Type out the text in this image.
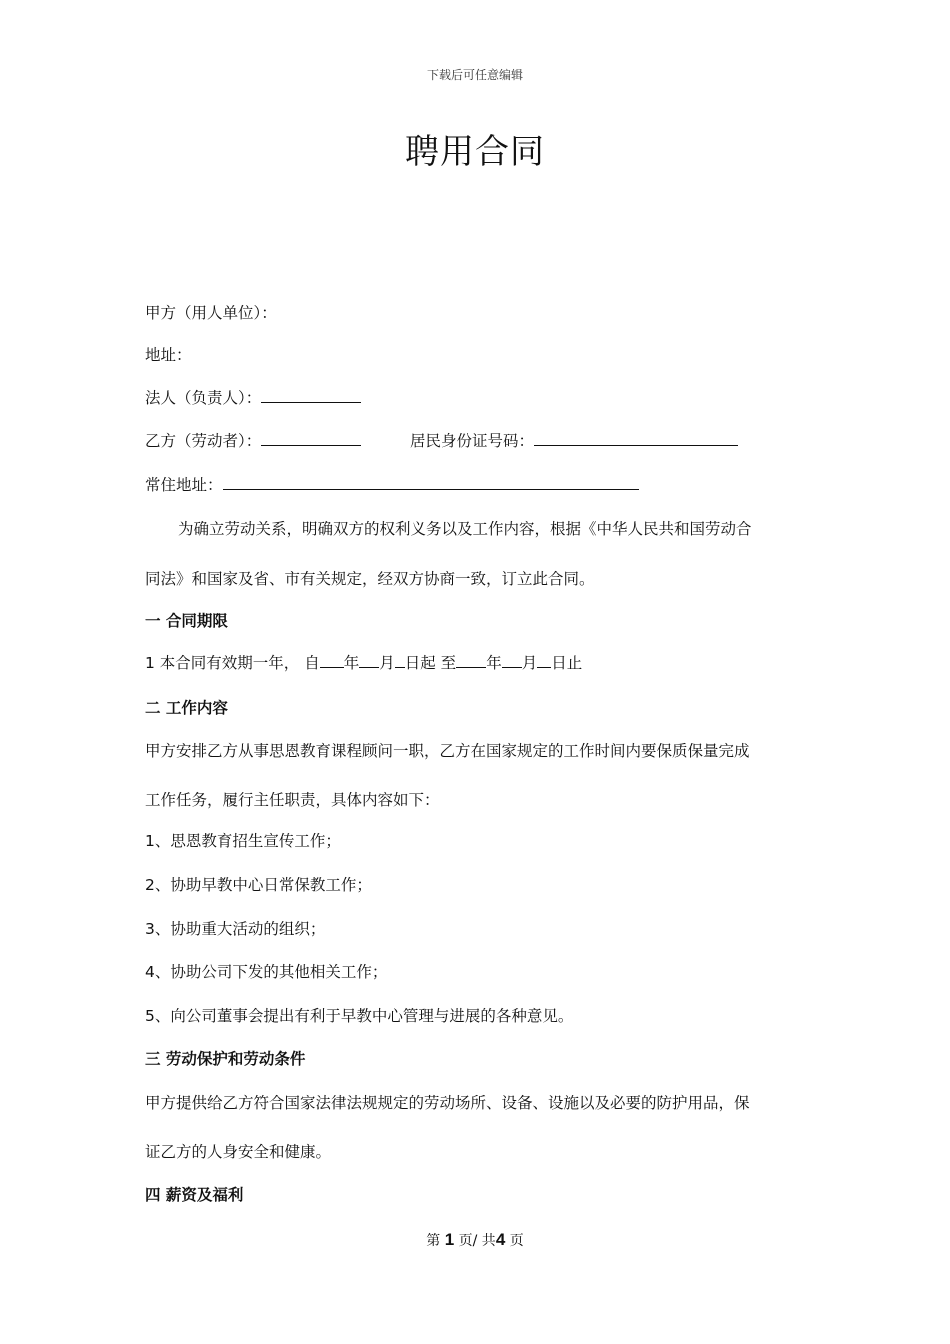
下载后可任意编辑
聘用合同
甲方（用人单位）：
地址：
法人（负责人）：
乙方（劳动者）：	居民身份证号码：
常住地址：
为确立劳动关系，明确双方的权利义务以及工作内容，根据《中华人民共和国劳动合
同法》和国家及省、市有关规定，经双方协商一致，订立此合同。
一 合同期限
1 本合同有效期一年， 自 年 月 日起 至 年 月 日止
二 工作内容
甲方安排乙方从事思恩教育课程顾问一职，乙方在国家规定的工作时间内要保质保量完成
工作任务，履行主任职责，具体内容如下：
1、思恩教育招生宣传工作；
2、协助早教中心日常保教工作；
3、协助重大活动的组织；
4、协助公司下发的其他相关工作；
5、向公司董事会提出有利于早教中心管理与进展的各种意见。
三 劳动保护和劳动条件
甲方提供给乙方符合国家法律法规规定的劳动场所、设备、设施以及必要的防护用品，保
证乙方的人身安全和健康。
四 薪资及福利
第 1 页/ 共4 页
